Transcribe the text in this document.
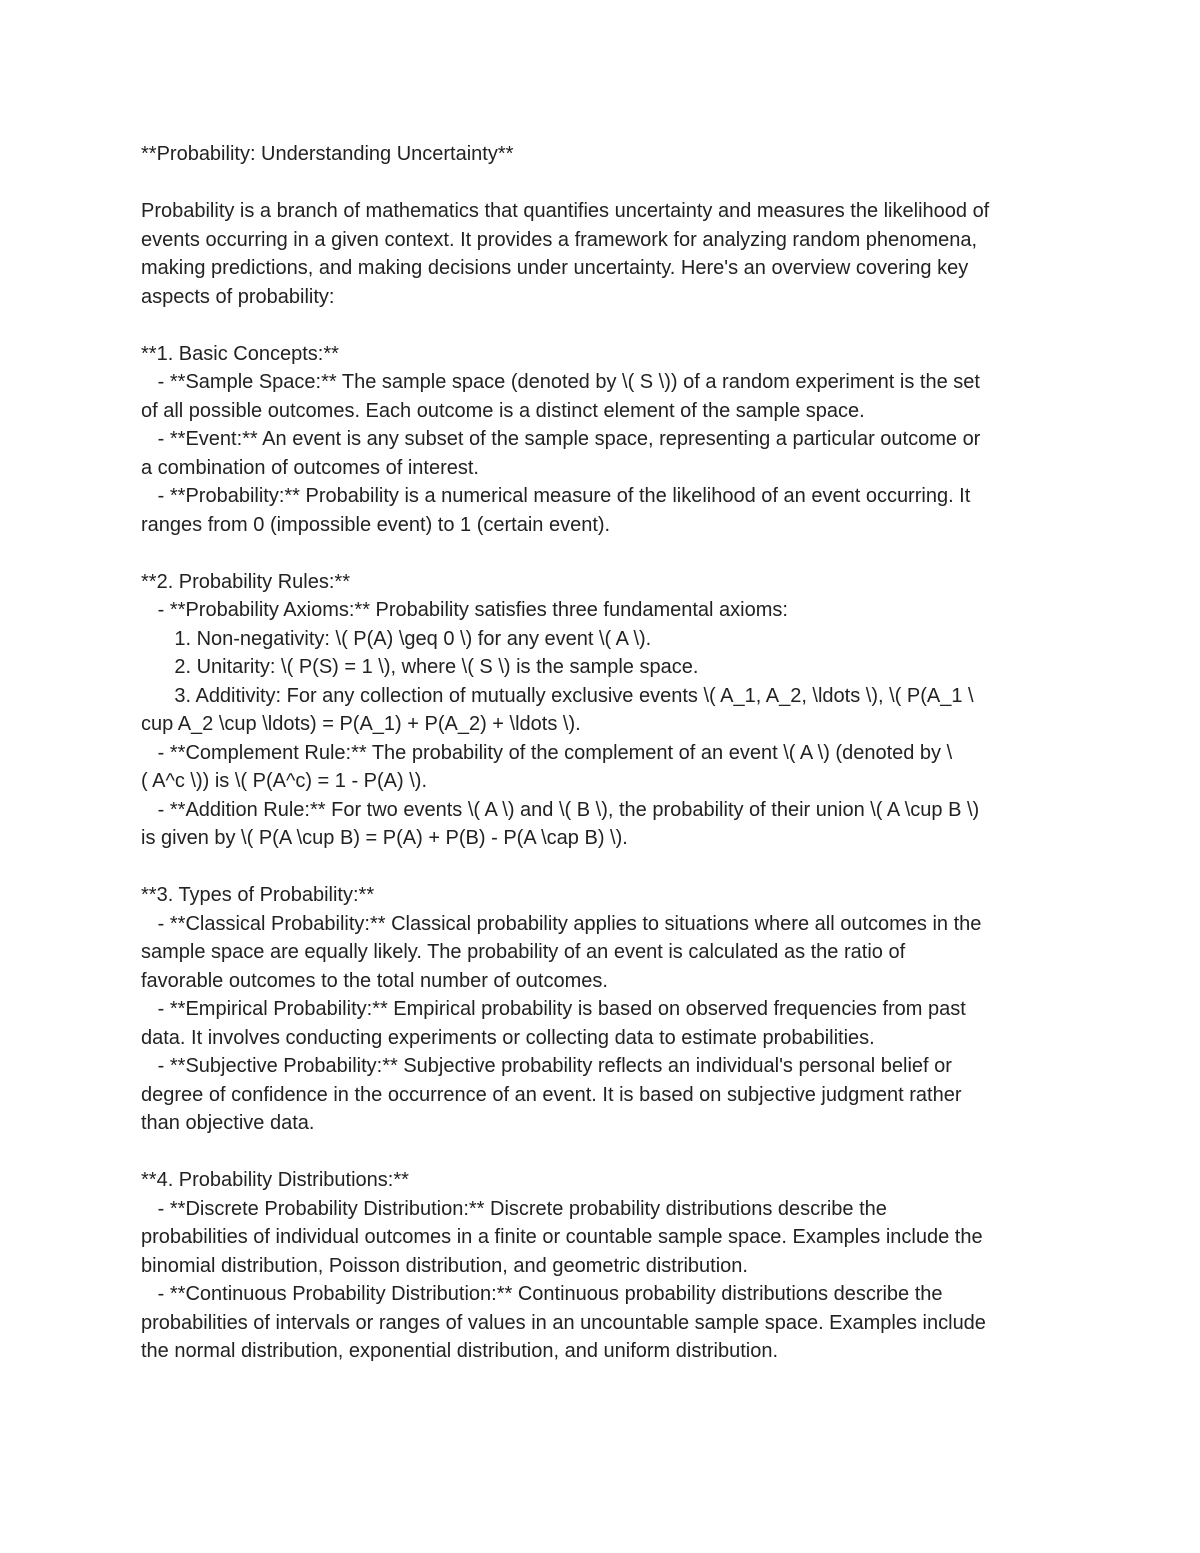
**Probability: Understanding Uncertainty**
Probability is a branch of mathematics that quantifies uncertainty and measures the likelihood of
events occurring in a given context. It provides a framework for analyzing random phenomena,
making predictions, and making decisions under uncertainty. Here's an overview covering key
aspects of probability:
**1. Basic Concepts:**
- **Sample Space:** The sample space (denoted by \( S \)) of a random experiment is the set
of all possible outcomes. Each outcome is a distinct element of the sample space.
- **Event:** An event is any subset of the sample space, representing a particular outcome or
a combination of outcomes of interest.
- **Probability:** Probability is a numerical measure of the likelihood of an event occurring. It
ranges from 0 (impossible event) to 1 (certain event).
**2. Probability Rules:**
- **Probability Axioms:** Probability satisfies three fundamental axioms:
1. Non-negativity: \( P(A) \geq 0 \) for any event \( A \).
2. Unitarity: \( P(S) = 1 \), where \( S \) is the sample space.
3. Additivity: For any collection of mutually exclusive events \( A_1, A_2, \ldots \), \( P(A_1 \
cup A_2 \cup \ldots) = P(A_1) + P(A_2) + \ldots \).
- **Complement Rule:** The probability of the complement of an event \( A \) (denoted by \
( A^c \)) is \( P(A^c) = 1 - P(A) \).
- **Addition Rule:** For two events \( A \) and \( B \), the probability of their union \( A \cup B \)
is given by \( P(A \cup B) = P(A) + P(B) - P(A \cap B) \).
**3. Types of Probability:**
- **Classical Probability:** Classical probability applies to situations where all outcomes in the
sample space are equally likely. The probability of an event is calculated as the ratio of
favorable outcomes to the total number of outcomes.
- **Empirical Probability:** Empirical probability is based on observed frequencies from past
data. It involves conducting experiments or collecting data to estimate probabilities.
- **Subjective Probability:** Subjective probability reflects an individual's personal belief or
degree of confidence in the occurrence of an event. It is based on subjective judgment rather
than objective data.
**4. Probability Distributions:**
- **Discrete Probability Distribution:** Discrete probability distributions describe the
probabilities of individual outcomes in a finite or countable sample space. Examples include the
binomial distribution, Poisson distribution, and geometric distribution.
- **Continuous Probability Distribution:** Continuous probability distributions describe the
probabilities of intervals or ranges of values in an uncountable sample space. Examples include
the normal distribution, exponential distribution, and uniform distribution.
